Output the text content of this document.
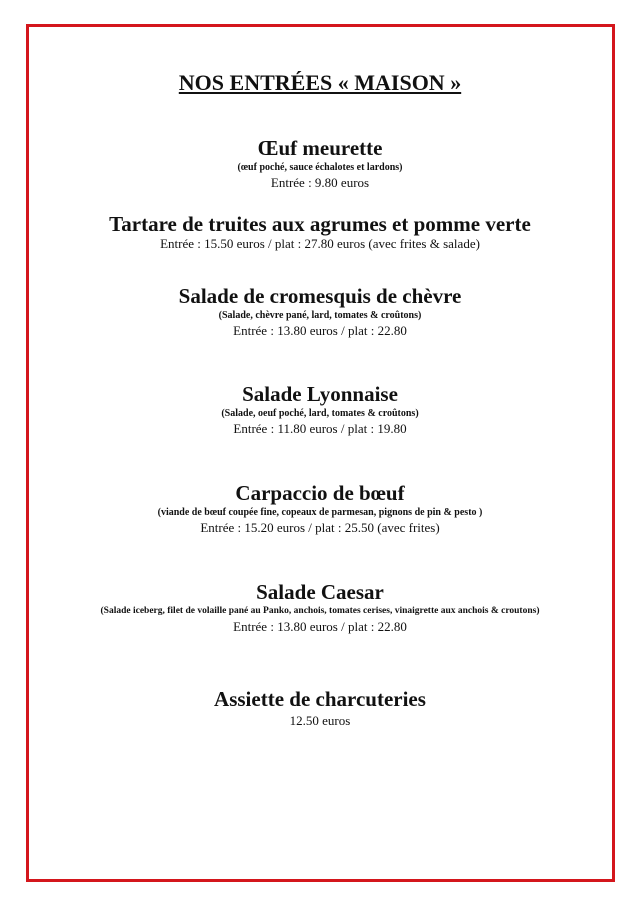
NOS ENTRÉES « MAISON »
Œuf meurette
(œuf poché, sauce échalotes et lardons)
Entrée : 9.80 euros
Tartare de truites aux agrumes et pomme verte
Entrée : 15.50 euros / plat : 27.80 euros (avec frites & salade)
Salade de cromesquis de chèvre
(Salade, chèvre pané, lard, tomates & croûtons)
Entrée : 13.80 euros / plat : 22.80
Salade Lyonnaise
(Salade, oeuf poché, lard, tomates & croûtons)
Entrée : 11.80 euros / plat : 19.80
Carpaccio de bœuf
(viande de bœuf coupée fine, copeaux de parmesan, pignons de pin & pesto )
Entrée : 15.20 euros / plat : 25.50 (avec frites)
Salade Caesar
(Salade iceberg, filet de volaille pané au Panko, anchois, tomates cerises, vinaigrette aux anchois & croutons)
Entrée : 13.80 euros / plat : 22.80
Assiette de charcuteries
12.50 euros
